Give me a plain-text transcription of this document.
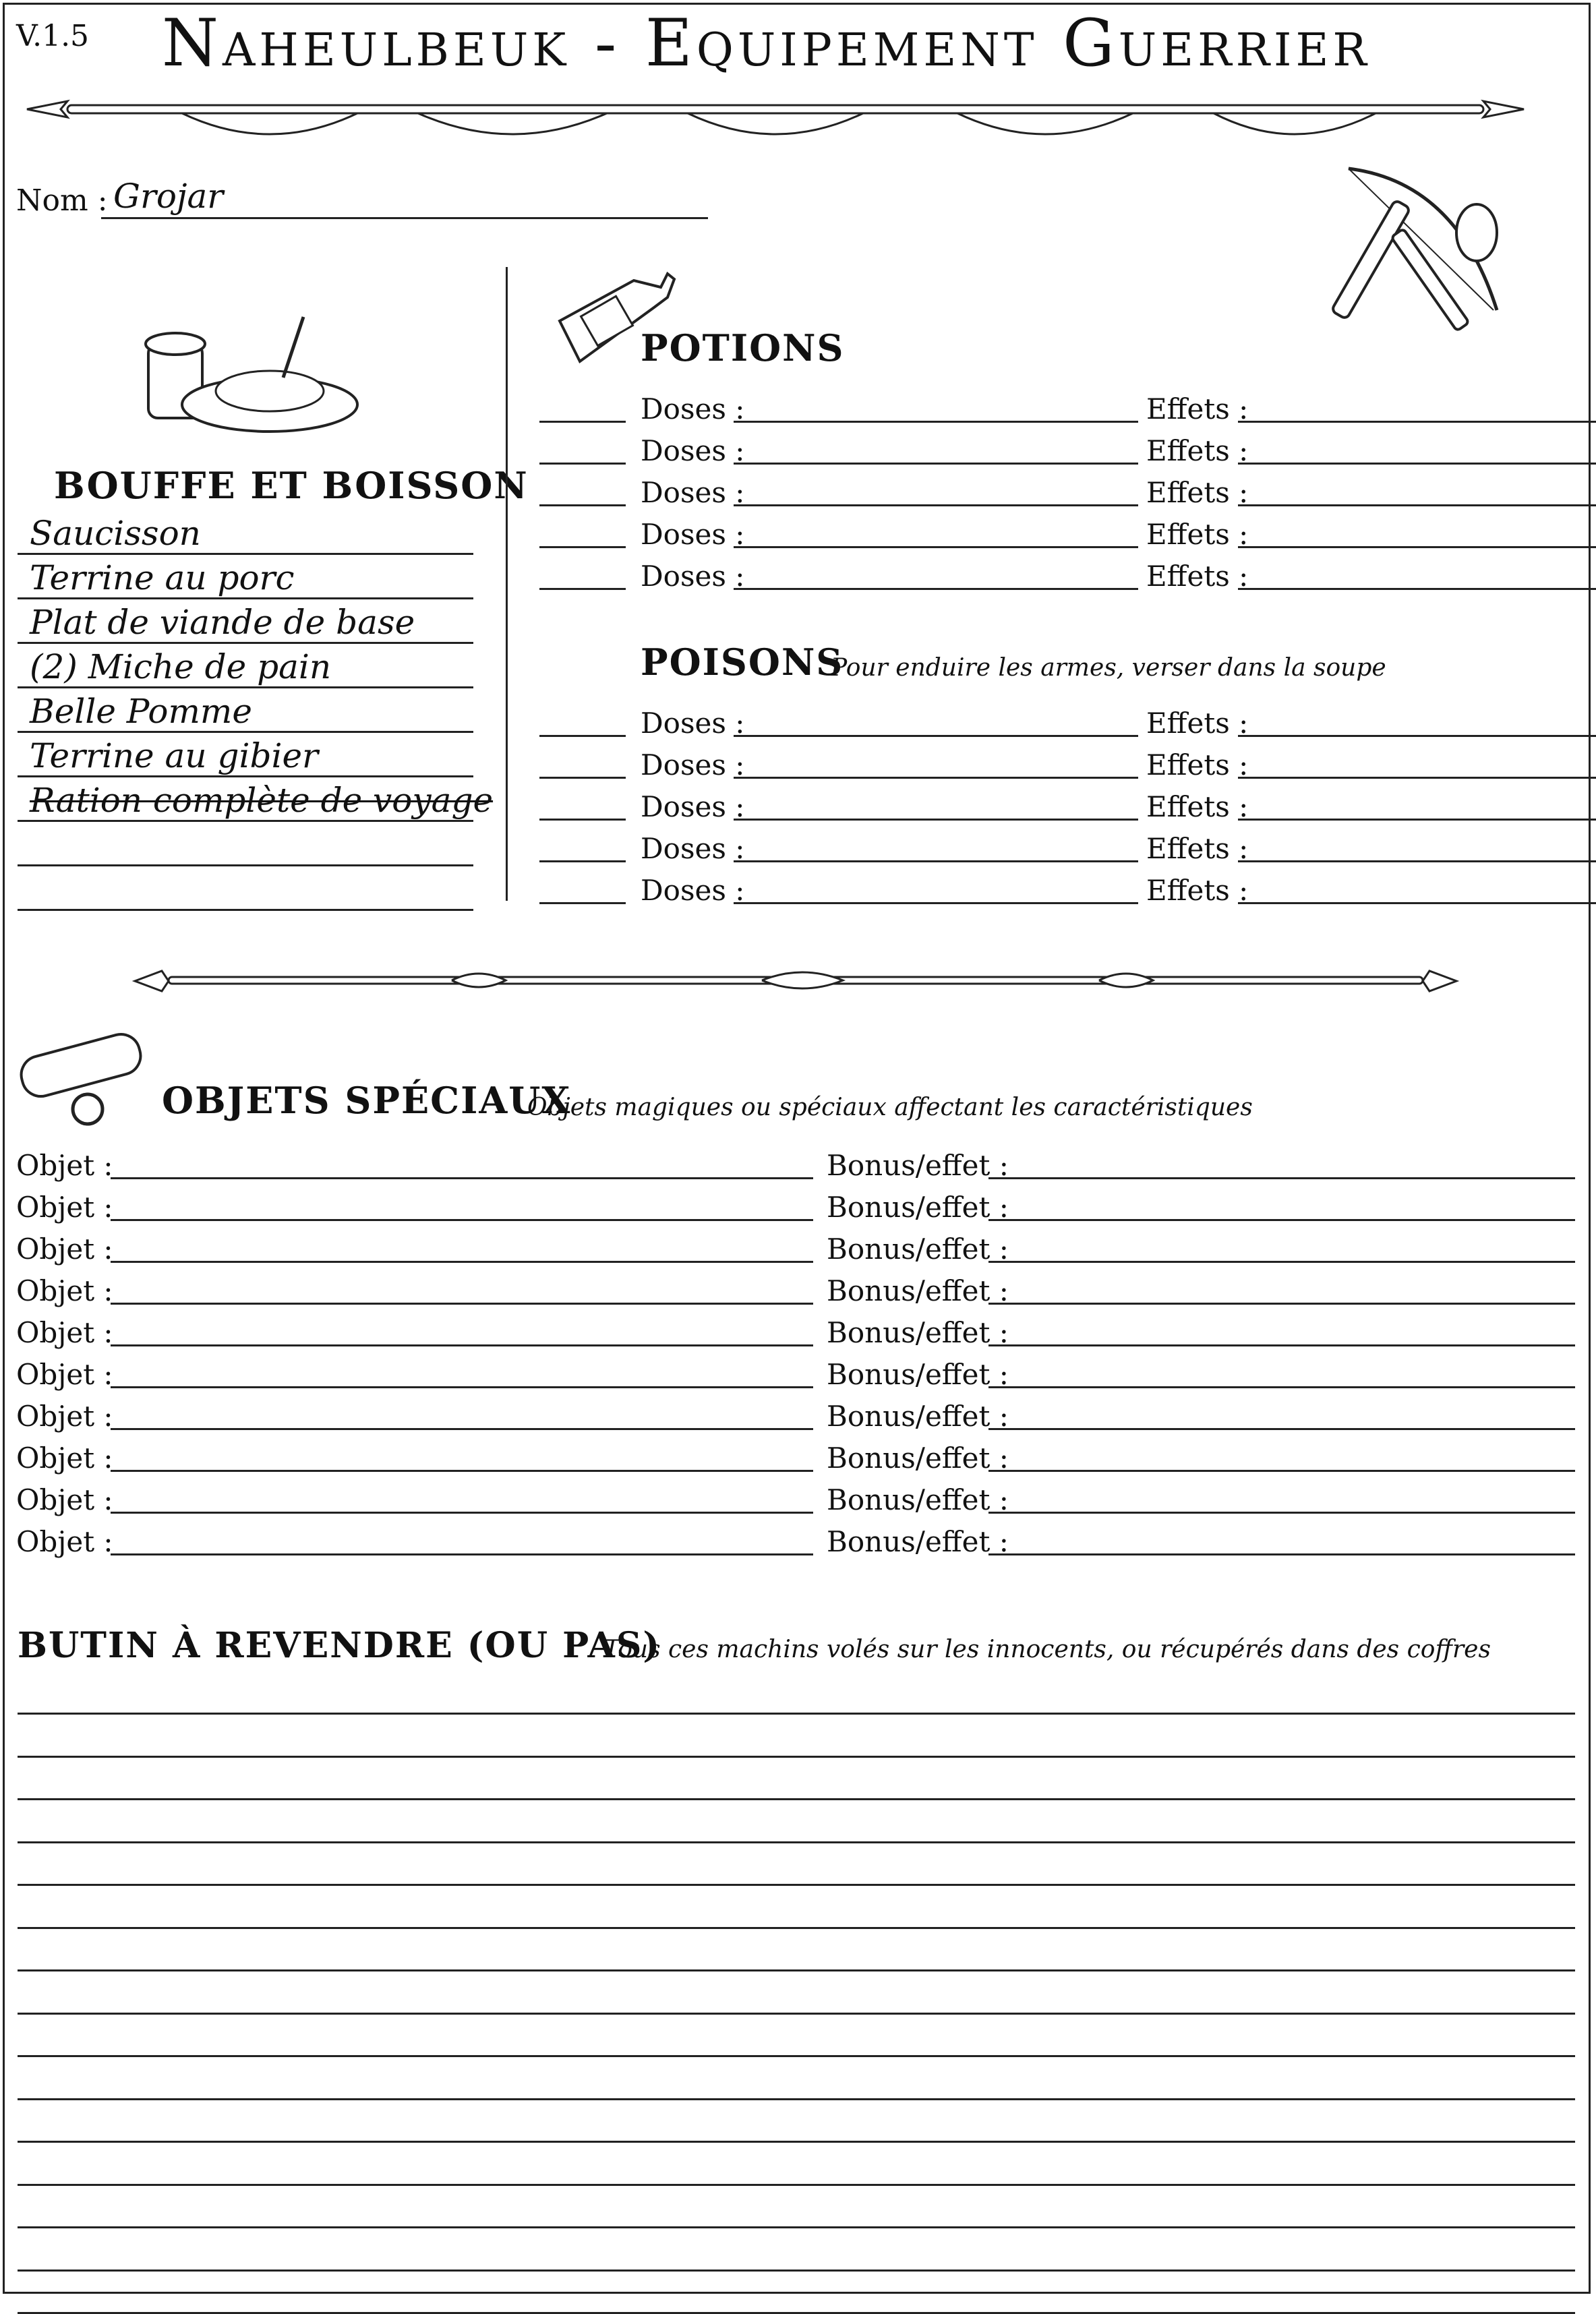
V.1.5 Naheulbeuk - Equipement Guerrier
Nom : Grojar
BOUFFE ET BOISSON
Saucisson
Terrine au porc
Plat de viande de base
(2) Miche de pain
Belle Pomme
Terrine au gibier
Ration complète de voyage
POTIONS
Doses :	Effets :
Doses :	Effets :
Doses :	Effets :
Doses :	Effets :
Doses :	Effets :
POISONS
Pour enduire les armes, verser dans la soupe
Doses :	Effets :
Doses :	Effets :
Doses :	Effets :
Doses :	Effets :
Doses :	Effets :
OBJETS SPÉCIAUX
Objets magiques ou spéciaux affectant les caractéristiques
Objet :	Bonus/effet :
Objet :	Bonus/effet :
Objet :	Bonus/effet :
Objet :	Bonus/effet :
Objet :	Bonus/effet :
Objet :	Bonus/effet :
Objet :	Bonus/effet :
Objet :	Bonus/effet :
Objet :	Bonus/effet :
Objet :	Bonus/effet :
BUTIN À REVENDRE (OU PAS)
Tous ces machins volés sur les innocents, ou récupérés dans des coffres
